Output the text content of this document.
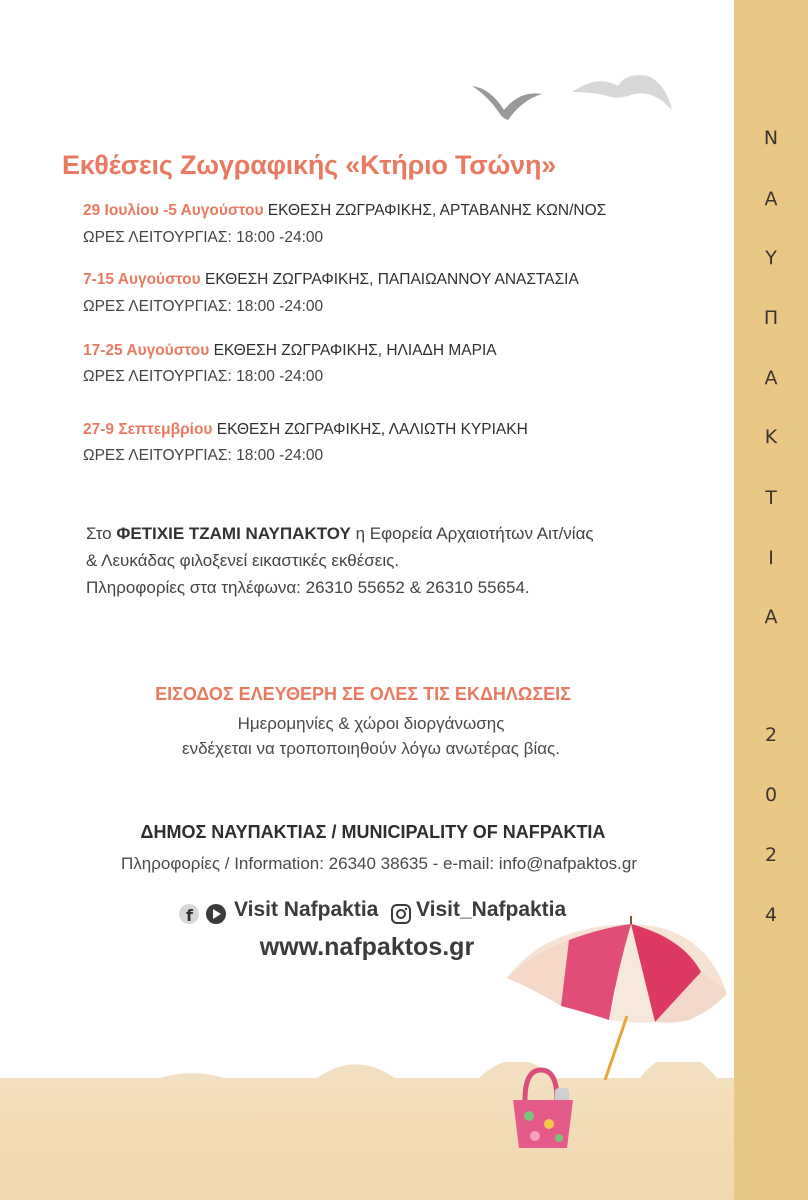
Εκθέσεις Ζωγραφικής «Κτήριο Τσώνη»
29 Ιουλίου -5 Αυγούστου ΕΚΘΕΣΗ ΖΩΓΡΑΦΙΚΗΣ, ΑΡΤΑΒΑΝΗΣ ΚΩΝ/ΝΟΣ
ΩΡΕΣ ΛΕΙΤΟΥΡΓΙΑΣ: 18:00 -24:00
7-15 Αυγούστου ΕΚΘΕΣΗ ΖΩΓΡΑΦΙΚΗΣ, ΠΑΠΑΙΩΑΝΝΟΥ ΑΝΑΣΤΑΣΙΑ
ΩΡΕΣ ΛΕΙΤΟΥΡΓΙΑΣ: 18:00 -24:00
17-25 Αυγούστου ΕΚΘΕΣΗ ΖΩΓΡΑΦΙΚΗΣ, ΗΛΙΑΔΗ ΜΑΡΙΑ
ΩΡΕΣ ΛΕΙΤΟΥΡΓΙΑΣ: 18:00 -24:00
27-9 Σεπτεμβρίου ΕΚΘΕΣΗ ΖΩΓΡΑΦΙΚΗΣ, ΛΑΛΙΩΤΗ ΚΥΡΙΑΚΗ
ΩΡΕΣ ΛΕΙΤΟΥΡΓΙΑΣ: 18:00 -24:00
Στο ΦΕΤΙΧΙΕ ΤΖΑΜΙ ΝΑΥΠΑΚΤΟΥ η Εφορεία Αρχαιοτήτων Αιτ/νίας
& Λευκάδας φιλοξενεί εικαστικές εκθέσεις.
Πληροφορίες στα τηλέφωνα: 26310 55652 & 26310 55654.
ΕΙΣΟΔΟΣ ΕΛΕΥΘΕΡΗ ΣΕ ΟΛΕΣ ΤΙΣ ΕΚΔΗΛΩΣΕΙΣ
Ημερομηνίες & χώροι διοργάνωσης
ενδέχεται να τροποποιηθούν λόγω ανωτέρας βίας.
ΔΗΜΟΣ ΝΑΥΠΑΚΤΙΑΣ / MUNICIPALITY OF NAFPAKTIA
Πληροφορίες / Information: 26340 38635 - e-mail: info@nafpaktos.gr
f Visit Nafpaktia Visit_Nafpaktia
www.nafpaktos.gr
Ν
Α
Υ
Π
Α
Κ
Τ
Ι
Α
2
0
2
4
